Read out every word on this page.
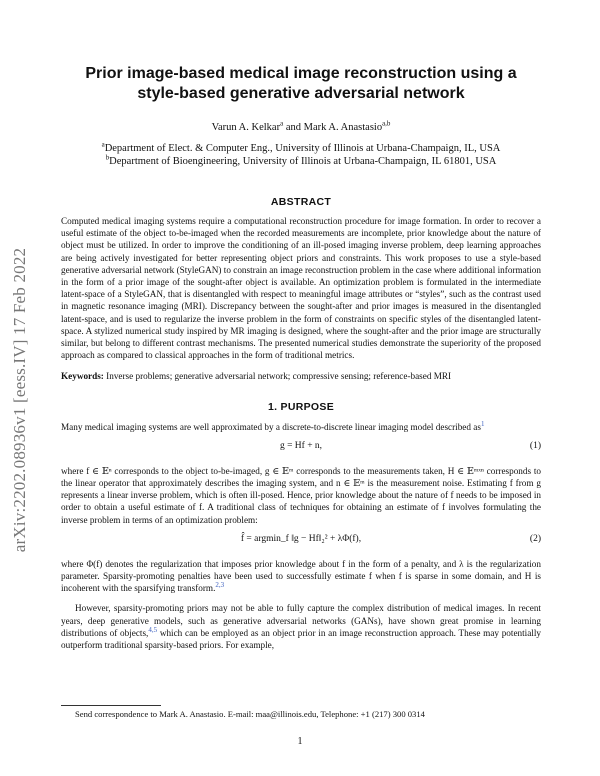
arXiv:2202.08936v1 [eess.IV] 17 Feb 2022
Prior image-based medical image reconstruction using a
style-based generative adversarial network
Varun A. Kelkar$^a$ and Mark A. Anastasio$^{a,b}$
$^a$Department of Elect. & Computer Eng., University of Illinois at Urbana-Champaign, IL, USA
$^b$Department of Bioengineering, University of Illinois at Urbana-Champaign, IL 61801, USA
ABSTRACT

Computed medical imaging systems require a computational reconstruction procedure for image formation. In order to recover a useful estimate of the object to-be-imaged when the recorded measurements are incomplete, prior knowledge about the nature of object must be utilized. In order to improve the conditioning of an ill-posed imaging inverse problem, deep learning approaches are being actively investigated for better representing object priors and constraints. This work proposes to use a style-based generative adversarial network (StyleGAN) to constrain an image reconstruction problem in the case where additional information in the form of a prior image of the sought-after object is available. An optimization problem is formulated in the intermediate latent-space of a StyleGAN, that is disentangled with respect to meaningful image attributes or “styles”, such as the contrast used in magnetic resonance imaging (MRI). Discrepancy between the sought-after and prior images is measured in the disentangled latent-space, and is used to regularize the inverse problem in the form of constraints on specific styles of the disentangled latent-space. A stylized numerical study inspired by MR imaging is designed, where the sought-after and the prior image are structurally similar, but belong to different contrast mechanisms. The presented numerical studies demonstrate the superiority of the proposed approach as compared to classical approaches in the form of traditional metrics.

Keywords: Inverse problems; generative adversarial network; compressive sensing; reference-based MRI

1. PURPOSE

Many medical imaging systems are well approximated by a discrete-to-discrete linear imaging model described as$^1$

g = Hf + n,	(1)

where f ∈ 𝔼ⁿ corresponds to the object to-be-imaged, g ∈ 𝔼ᵐ corresponds to the measurements taken, H ∈ 𝔼ᵐˣⁿ corresponds to the linear operator that approximately describes the imaging system, and n ∈ 𝔼ᵐ is the measurement noise. Estimating f from g represents a linear inverse problem, which is often ill-posed. Hence, prior knowledge about the nature of f needs to be imposed in order to obtain a useful estimate of f. A traditional class of techniques for obtaining an estimate of f involves formulating the inverse problem in terms of an optimization problem:

f̂ = argmin_f ‖g − Hf‖₂² + λΦ(f),	(2)

where Φ(f) denotes the regularization that imposes prior knowledge about f in the form of a penalty, and λ is the regularization parameter. Sparsity-promoting penalties have been used to successfully estimate f when f is sparse in some domain, and H is incoherent with the sparsifying transform.$^{2,3}$

However, sparsity-promoting priors may not be able to fully capture the complex distribution of medical images. In recent years, deep generative models, such as generative adversarial networks (GANs), have shown great promise in learning distributions of objects,$^{4,5}$ which can be employed as an object prior in an image reconstruction approach. These may potentially outperform traditional sparsity-based priors. For example,

Send correspondence to Mark A. Anastasio. E-mail: maa@illinois.edu, Telephone: +1 (217) 300 0314
1
